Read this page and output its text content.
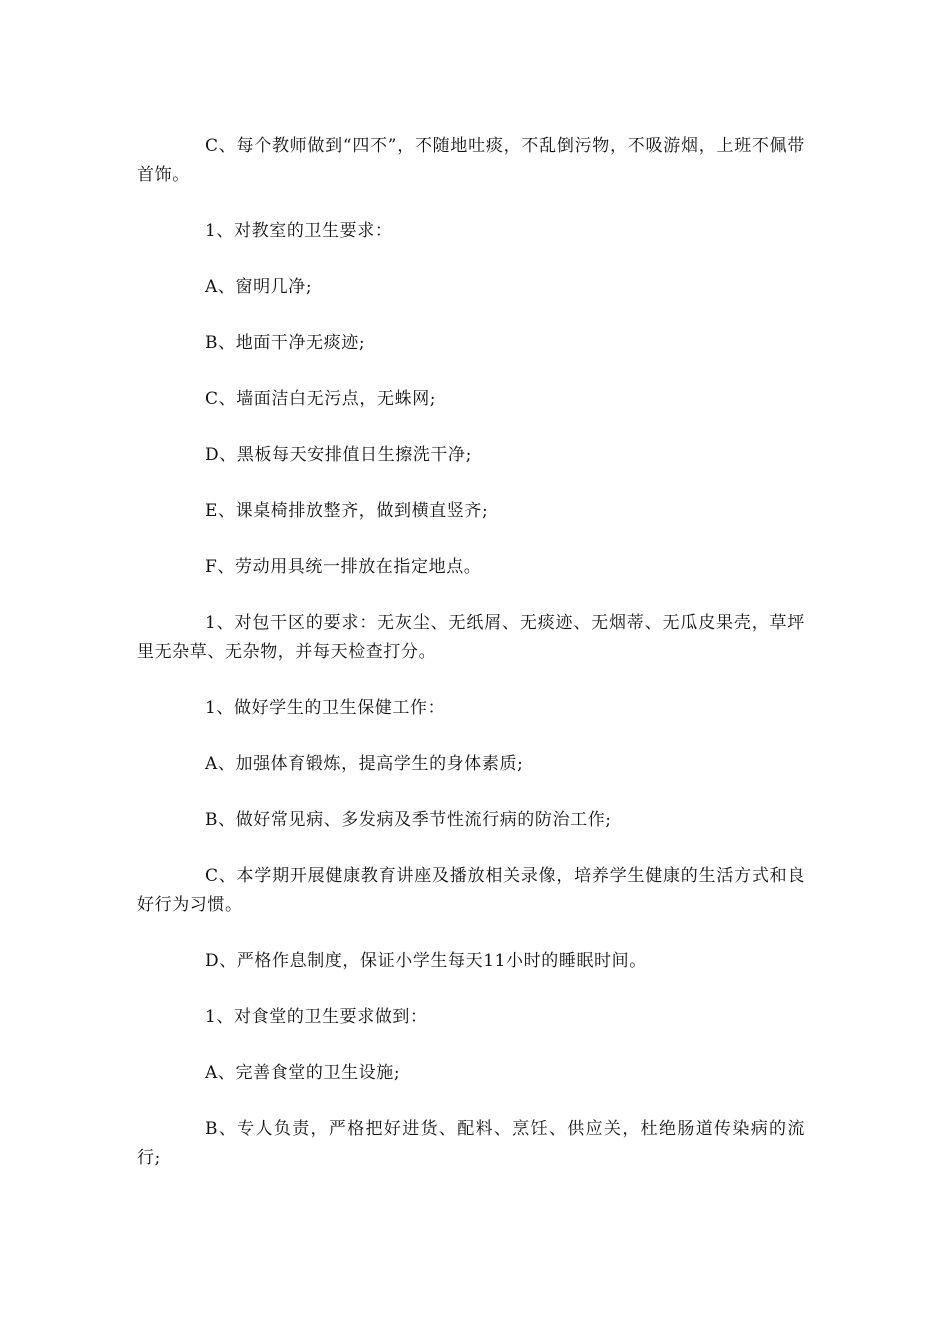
C、每个教师做到“四不”，不随地吐痰，不乱倒污物，不吸游烟，上班不佩带首饰。

1、对教室的卫生要求：

A、窗明几净;

B、地面干净无痰迹;

C、墙面洁白无污点，无蛛网;

D、黑板每天安排值日生擦洗干净;

E、课桌椅排放整齐，做到横直竖齐;

F、劳动用具统一排放在指定地点。

1、对包干区的要求：无灰尘、无纸屑、无痰迹、无烟蒂、无瓜皮果壳，草坪里无杂草、无杂物，并每天检查打分。

1、做好学生的卫生保健工作：

A、加强体育锻炼，提高学生的身体素质;

B、做好常见病、多发病及季节性流行病的防治工作;

C、本学期开展健康教育讲座及播放相关录像，培养学生健康的生活方式和良好行为习惯。

D、严格作息制度，保证小学生每天11小时的睡眠时间。

1、对食堂的卫生要求做到：

A、完善食堂的卫生设施;

B、专人负责，严格把好进货、配料、烹饪、供应关，杜绝肠道传染病的流行;
